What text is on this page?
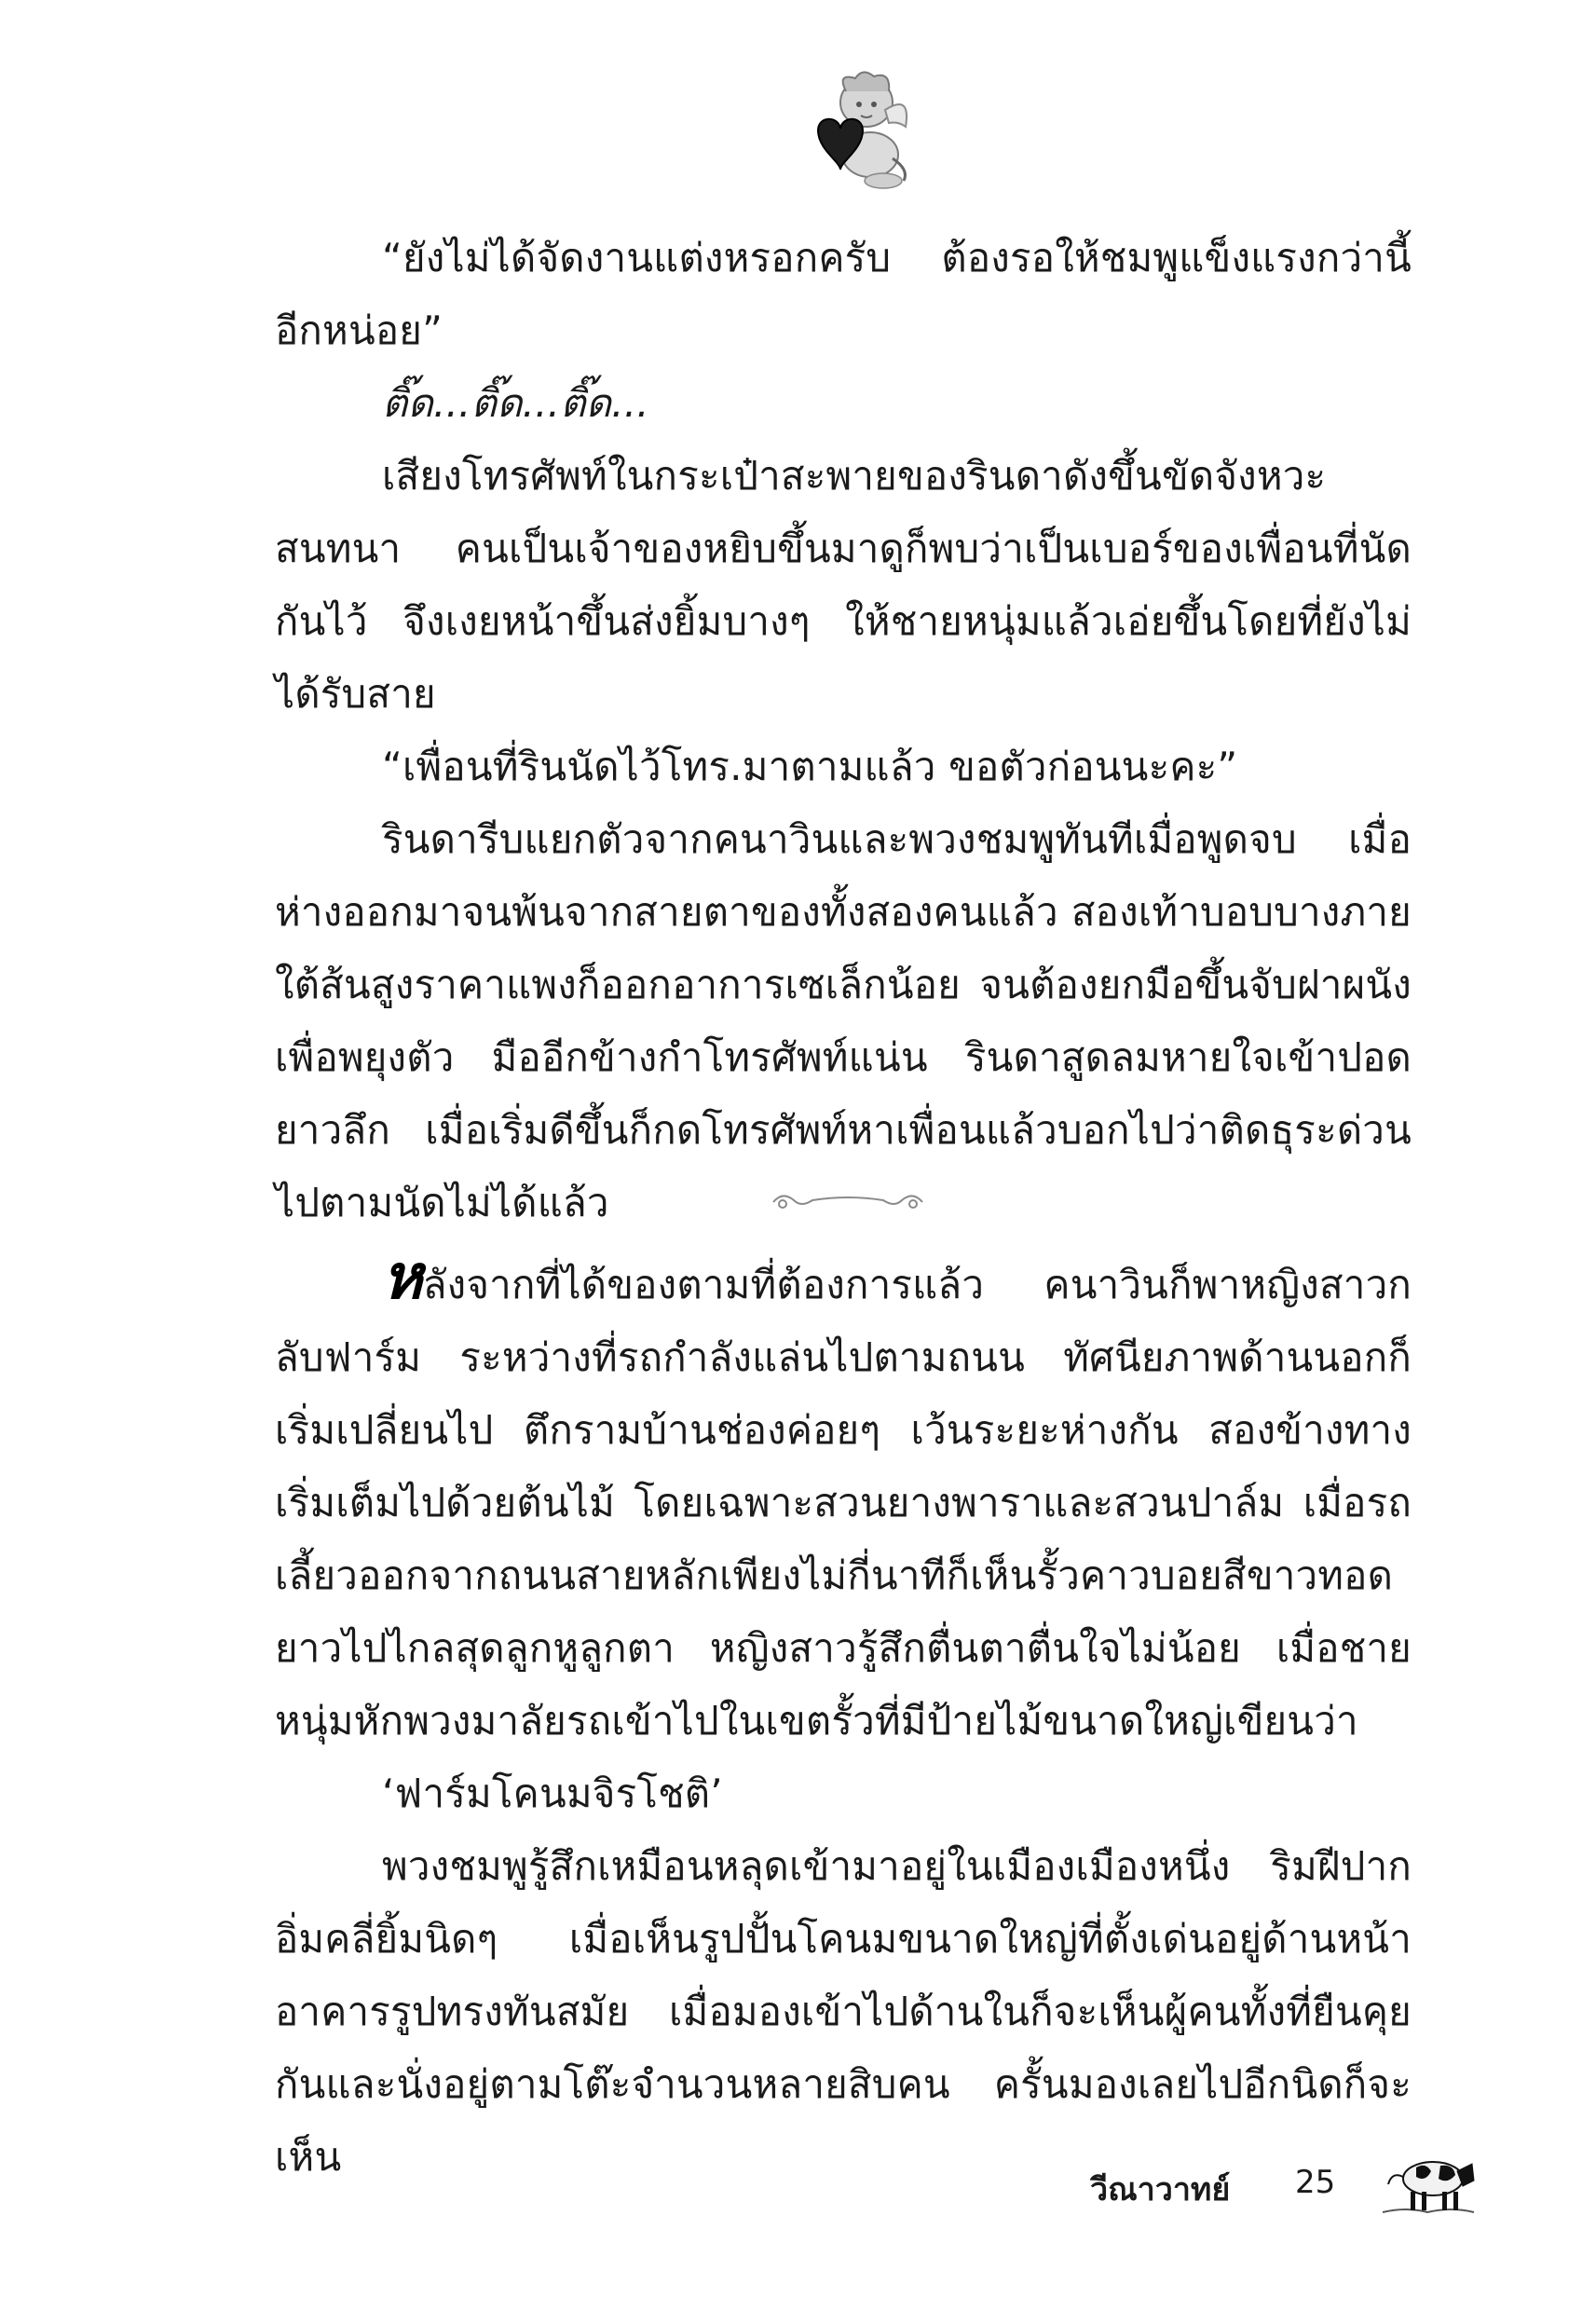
“ยังไม่ได้จัดงานแต่งหรอกครับ ต้องรอให้ชมพูแข็งแรงกว่านี้อีกหน่อย”

ติ๊ด...ติ๊ด...ติ๊ด...

เสียงโทรศัพท์ในกระเป๋าสะพายของรินดาดังขึ้นขัดจังหวะสนทนา คนเป็นเจ้าของหยิบขึ้นมาดูก็พบว่าเป็นเบอร์ของเพื่อนที่นัดกันไว้ จึงเงยหน้าขึ้นส่งยิ้มบางๆ ให้ชายหนุ่มแล้วเอ่ยขึ้นโดยที่ยังไม่ได้รับสาย

“เพื่อนที่รินนัดไว้โทร.มาตามแล้ว ขอตัวก่อนนะคะ”

รินดารีบแยกตัวจากคนาวินและพวงชมพูทันทีเมื่อพูดจบ เมื่อห่างออกมาจนพ้นจากสายตาของทั้งสองคนแล้ว สองเท้าบอบบางภายใต้ส้นสูงราคาแพงก็ออกอาการเซเล็กน้อย จนต้องยกมือขึ้นจับฝาผนังเพื่อพยุงตัว มืออีกข้างกำโทรศัพท์แน่น รินดาสูดลมหายใจเข้าปอดยาวลึก เมื่อเริ่มดีขึ้นก็กดโทรศัพท์หาเพื่อนแล้วบอกไปว่าติดธุระด่วน ไปตามนัดไม่ได้แล้ว

หลังจากที่ได้ของตามที่ต้องการแล้ว คนาวินก็พาหญิงสาวกลับฟาร์ม ระหว่างที่รถกำลังแล่นไปตามถนน ทัศนียภาพด้านนอกก็เริ่มเปลี่ยนไป ตึกรามบ้านช่องค่อยๆ เว้นระยะห่างกัน สองข้างทางเริ่มเต็มไปด้วยต้นไม้ โดยเฉพาะสวนยางพาราและสวนปาล์ม เมื่อรถเลี้ยวออกจากถนนสายหลักเพียงไม่กี่นาทีก็เห็นรั้วคาวบอยสีขาวทอดยาวไปไกลสุดลูกหูลูกตา หญิงสาวรู้สึกตื่นตาตื่นใจไม่น้อย เมื่อชายหนุ่มหักพวงมาลัยรถเข้าไปในเขตรั้วที่มีป้ายไม้ขนาดใหญ่เขียนว่า

‘ฟาร์มโคนมจิรโชติ’

พวงชมพูรู้สึกเหมือนหลุดเข้ามาอยู่ในเมืองเมืองหนึ่ง ริมฝีปากอิ่มคลี่ยิ้มนิดๆ เมื่อเห็นรูปปั้นโคนมขนาดใหญ่ที่ตั้งเด่นอยู่ด้านหน้าอาคารรูปทรงทันสมัย เมื่อมองเข้าไปด้านในก็จะเห็นผู้คนทั้งที่ยืนคุยกันและนั่งอยู่ตามโต๊ะจำนวนหลายสิบคน ครั้นมองเลยไปอีกนิดก็จะเห็น

วีณาวาทย์ 25
